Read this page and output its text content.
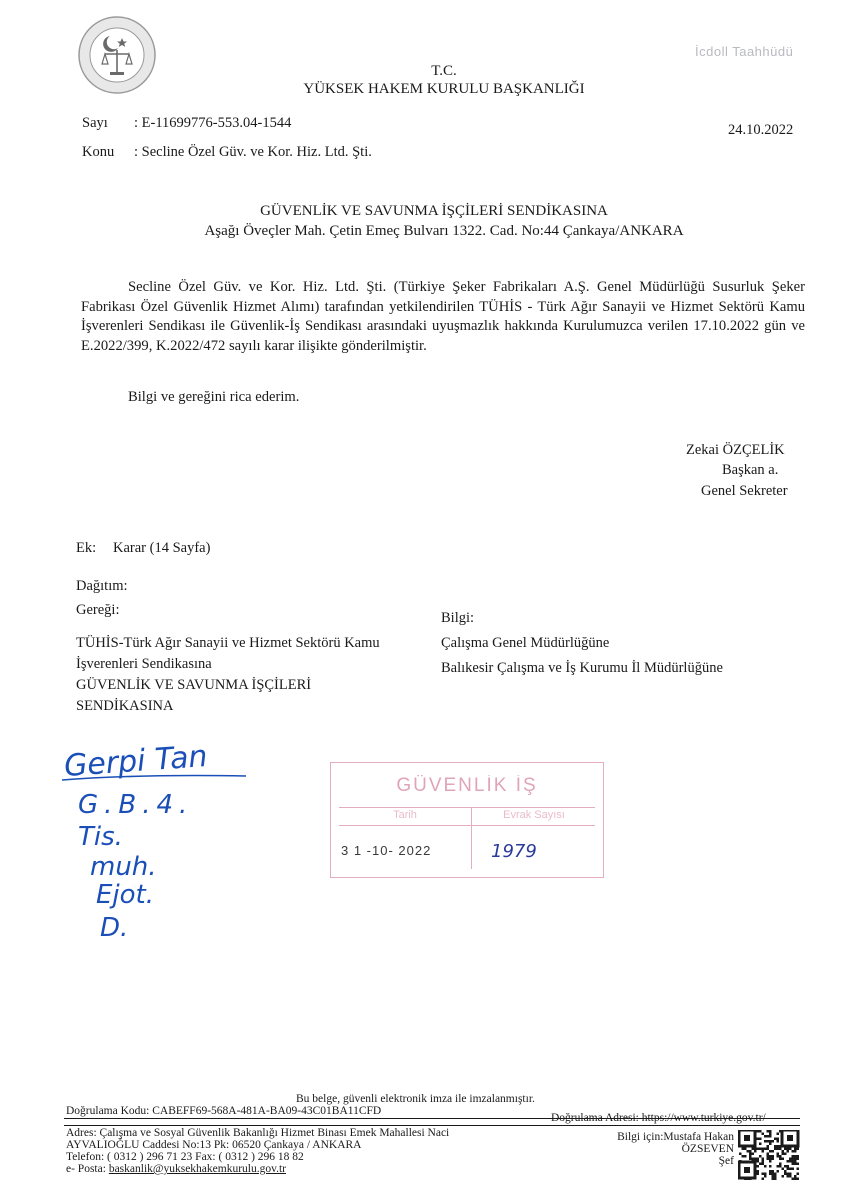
İcdoll Taahhüdü
T.C.
YÜKSEK HAKEM KURULU BAŞKANLIĞI
Sayı : E-11699776-553.04-1544	24.10.2022
Konu : Secline Özel Güv. ve Kor. Hiz. Ltd. Şti.
GÜVENLİK VE SAVUNMA İŞÇİLERİ SENDİKASINA
Aşağı Öveçler Mah. Çetin Emeç Bulvarı 1322. Cad. No:44 Çankaya/ANKARA
Secline Özel Güv. ve Kor. Hiz. Ltd. Şti. (Türkiye Şeker Fabrikaları A.Ş. Genel Müdürlüğü Susurluk Şeker Fabrikası Özel Güvenlik Hizmet Alımı) tarafından yetkilendirilen TÜHİS - Türk Ağır Sanayii ve Hizmet Sektörü Kamu İşverenleri Sendikası ile Güvenlik-İş Sendikası arasındaki uyuşmazlık hakkında Kurulumuzca verilen 17.10.2022 gün ve E.2022/399, K.2022/472 sayılı karar ilişikte gönderilmiştir.
Bilgi ve gereğini rica ederim.
Zekai ÖZÇELİK
Başkan a.
Genel Sekreter
Ek: Karar (14 Sayfa)
Dağıtım:
Gereği:
TÜHİS-Türk Ağır Sanayii ve Hizmet Sektörü Kamu
İşverenleri Sendikasına
GÜVENLİK VE SAVUNMA İŞÇİLERİ
SENDİKASINA
Bilgi:
Çalışma Genel Müdürlüğüne
Balıkesir Çalışma ve İş Kurumu İl Müdürlüğüne
Gerpi Tan
G.B.4.
Tis.
muh.
Ejot.
D.
GÜVENLİK İŞ
Tarih	Evrak Sayısı
3 1 -10- 2022	1979
Bu belge, güvenli elektronik imza ile imzalanmıştır.
Doğrulama Kodu: CABEFF69-568A-481A-BA09-43C01BA11CFD
Doğrulama Adresi: https://www.turkiye.gov.tr/
Adres: Çalışma ve Sosyal Güvenlik Bakanlığı Hizmet Binası Emek Mahallesi Naci
AYVALIOĞLU Caddesi No:13 Pk: 06520 Çankaya / ANKARA
Telefon: ( 0312 ) 296 71 23 Fax: ( 0312 ) 296 18 82
e- Posta: baskanlik@yuksekhakemkurulu.gov.tr
Bilgi için:Mustafa Hakan
ÖZSEVEN
Şef
